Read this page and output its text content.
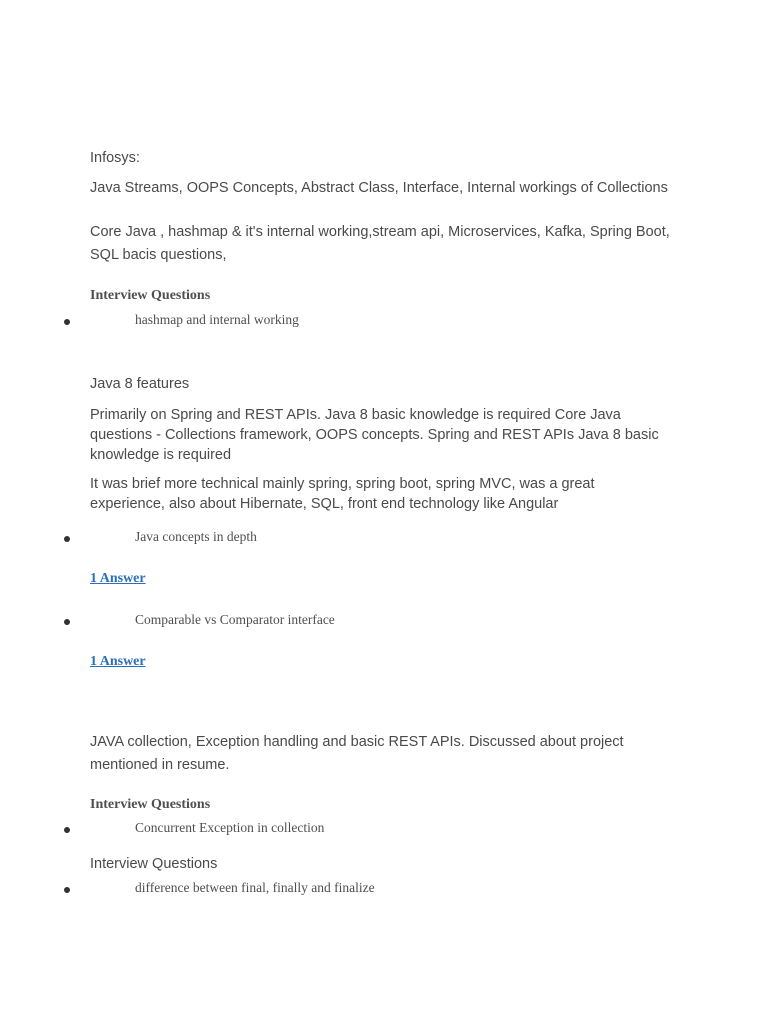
Infosys:

Java Streams, OOPS Concepts, Abstract Class, Interface, Internal workings of Collections

Core Java , hashmap & it's internal working,stream api, Microservices, Kafka, Spring Boot, SQL bacis questions,

Interview Questions

hashmap and internal working

Java 8 features

Primarily on Spring and REST APIs. Java 8 basic knowledge is required Core Java questions - Collections framework, OOPS concepts. Spring and REST APIs Java 8 basic knowledge is required

It was brief more technical mainly spring, spring boot, spring MVC, was a great experience, also about Hibernate, SQL, front end technology like Angular

Java concepts in depth

1 Answer

Comparable vs Comparator interface

1 Answer

JAVA collection, Exception handling and basic REST APIs. Discussed about project mentioned in resume.

Interview Questions

Concurrent Exception in collection

Interview Questions

difference between final, finally and finalize
